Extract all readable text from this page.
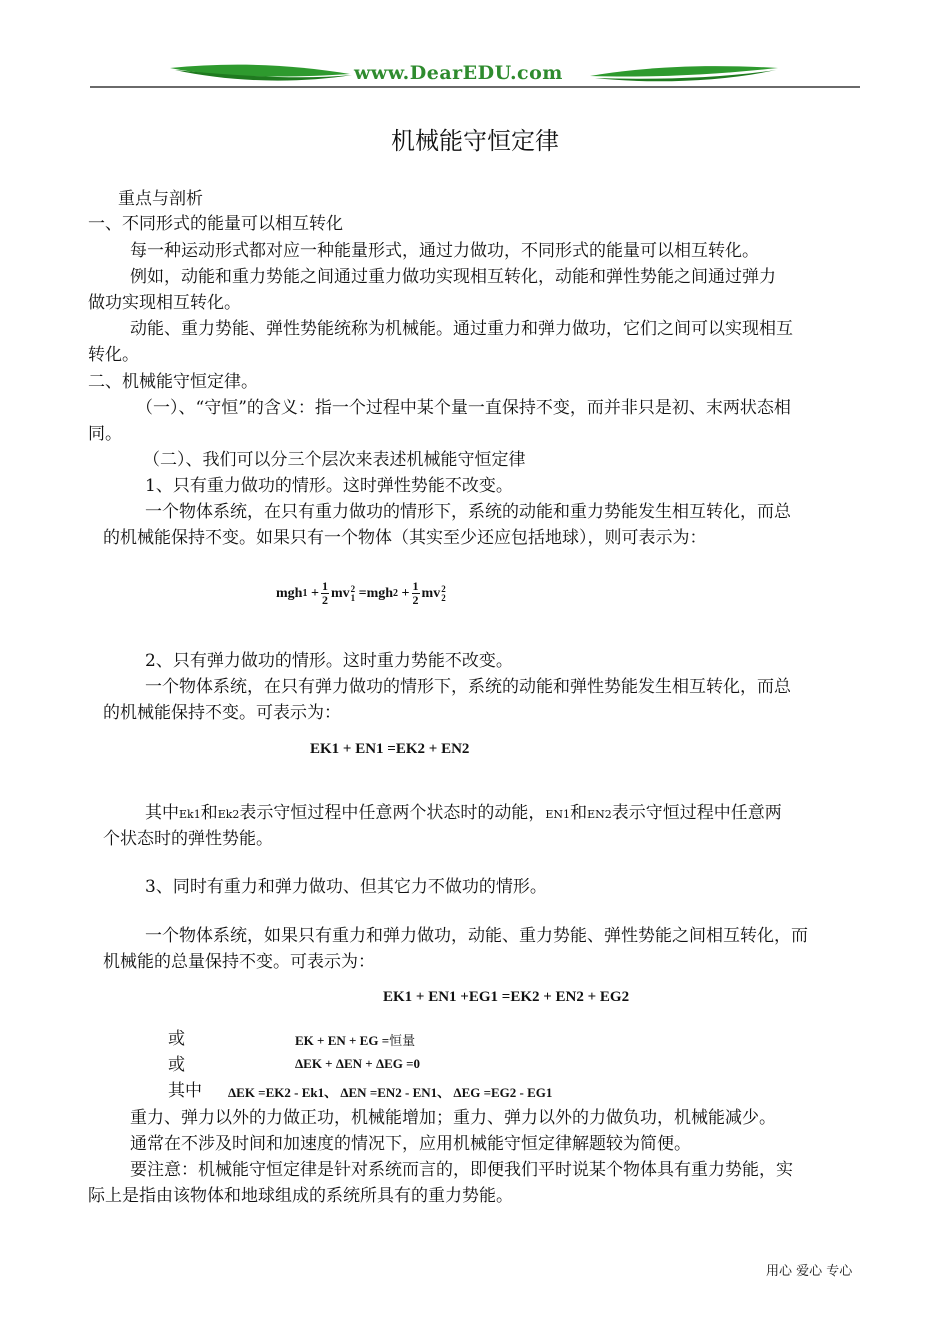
www.DearEDU.com
机械能守恒定律
重点与剖析
一、不同形式的能量可以相互转化
每一种运动形式都对应一种能量形式，通过力做功，不同形式的能量可以相互转化。
例如，动能和重力势能之间通过重力做功实现相互转化，动能和弹性势能之间通过弹力
做功实现相互转化。
动能、重力势能、弹性势能统称为机械能。通过重力和弹力做功，它们之间可以实现相互
转化。
二、机械能守恒定律。
（一）、“守恒”的含义：指一个过程中某个量一直保持不变，而并非只是初、末两状态相
同。
（二）、我们可以分三个层次来表述机械能守恒定律
1、只有重力做功的情形。这时弹性势能不改变。
一个物体系统，在只有重力做功的情形下，系统的动能和重力势能发生相互转化，而总
的机械能保持不变。如果只有一个物体（其实至少还应包括地球），则可表示为：
mgh $1 + \frac{1}{2}$ mv 2
1
=mgh $2 + \frac{1}{2}$ mv 2
2
2、只有弹力做功的情形。这时重力势能不改变。
一个物体系统，在只有弹力做功的情形下，系统的动能和弹性势能发生相互转化，而总
的机械能保持不变。可表示为：
EK1 + EN1 =EK2 + EN2
其中Ek1和Ek2表示守恒过程中任意两个状态时的动能，EN1和EN2表示守恒过程中任意两
个状态时的弹性势能。
3、同时有重力和弹力做功、但其它力不做功的情形。
一个物体系统，如果只有重力和弹力做功，动能、重力势能、弹性势能之间相互转化，而
机械能的总量保持不变。可表示为：
EK1 + EN1 +EG1 =EK2 + EN2 + EG2
或	EK + EN + EG =恒量
或	ΔEK + ΔEN + ΔEG =0
其中 ΔEK =EK2 - Ek1、 ΔEN =EN2 - EN1、 ΔEG =EG2 - EG1
重力、弹力以外的力做正功，机械能增加；重力、弹力以外的力做负功，机械能减少。
通常在不涉及时间和加速度的情况下，应用机械能守恒定律解题较为简便。
要注意：机械能守恒定律是针对系统而言的，即便我们平时说某个物体具有重力势能，实
际上是指由该物体和地球组成的系统所具有的重力势能。
用心 爱心 专心
